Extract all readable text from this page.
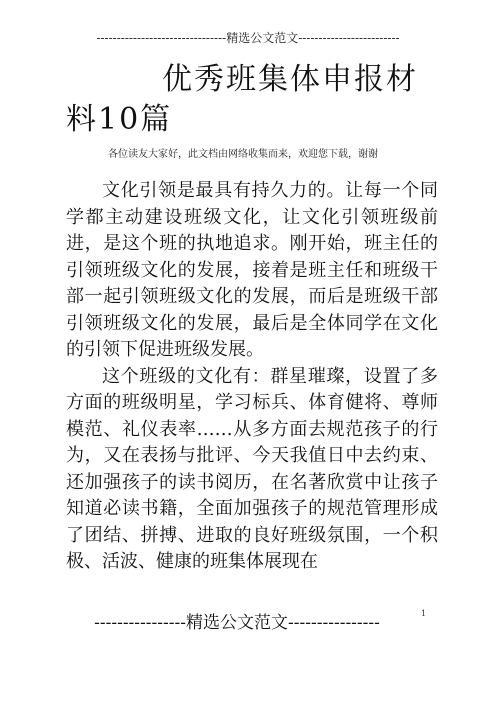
--------------------------------精选公文范文-------------------------
优秀班集体申报材
料10篇
各位读友大家好，此文档由网络收集而来，欢迎您下载，谢谢

文化引领是最具有持久力的。让每一个同学都主动建设班级文化，让文化引领班级前进，是这个班的执地追求。刚开始，班主任的引领班级文化的发展，接着是班主任和班级干部一起引领班级文化的发展，而后是班级干部引领班级文化的发展，最后是全体同学在文化的引领下促进班级发展。

这个班级的文化有：群星璀璨，设置了多方面的班级明星，学习标兵、体育健将、尊师模范、礼仪表率……从多方面去规范孩子的行为，又在表扬与批评、今天我值日中去约束、还加强孩子的读书阅历，在名著欣赏中让孩子知道必读书籍，全面加强孩子的规范管理形成了团结、拼搏、进取的良好班级氛围，一个积极、活波、健康的班集体展现在

----------------精选公文范文----------------	1
